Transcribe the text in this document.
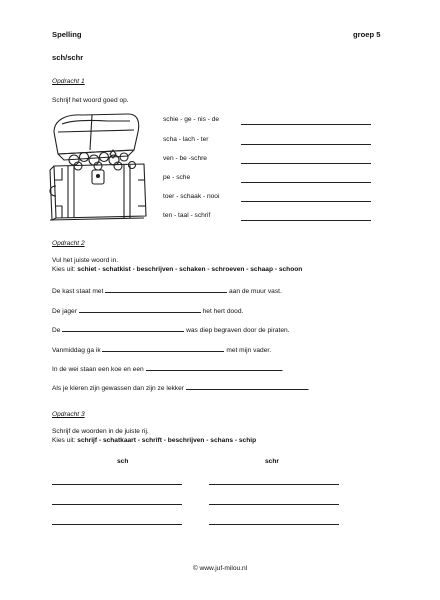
Spelling	groep 5
sch/schr
Opdracht 1
Schrijf het woord goed op.
schie - ge - nis - de
scha - lach - ter
ven - be -schre
pe - sche
toer - schaak - nooi
ten - taal - schrif
Opdracht 2
Vul het juiste woord in.
Kies uit: schiet - schatkist - beschrijven - schaken - schroeven - schaap - schoon
De kast staat met	aan de muur vast.
De jager	het hert dood.
De	was diep begraven door de piraten.
Vanmiddag ga ik	met mijn vader.
In de wei staan een koe en een	.
Als je kleren zijn gewassen dan zijn ze lekker	.
Opdracht 3
Schrijf de woorden in de juiste rij.
Kies uit: schrijf - schatkaart - schrift - beschrijven - schans - schip
sch	schr
© www.juf-milou.nl
